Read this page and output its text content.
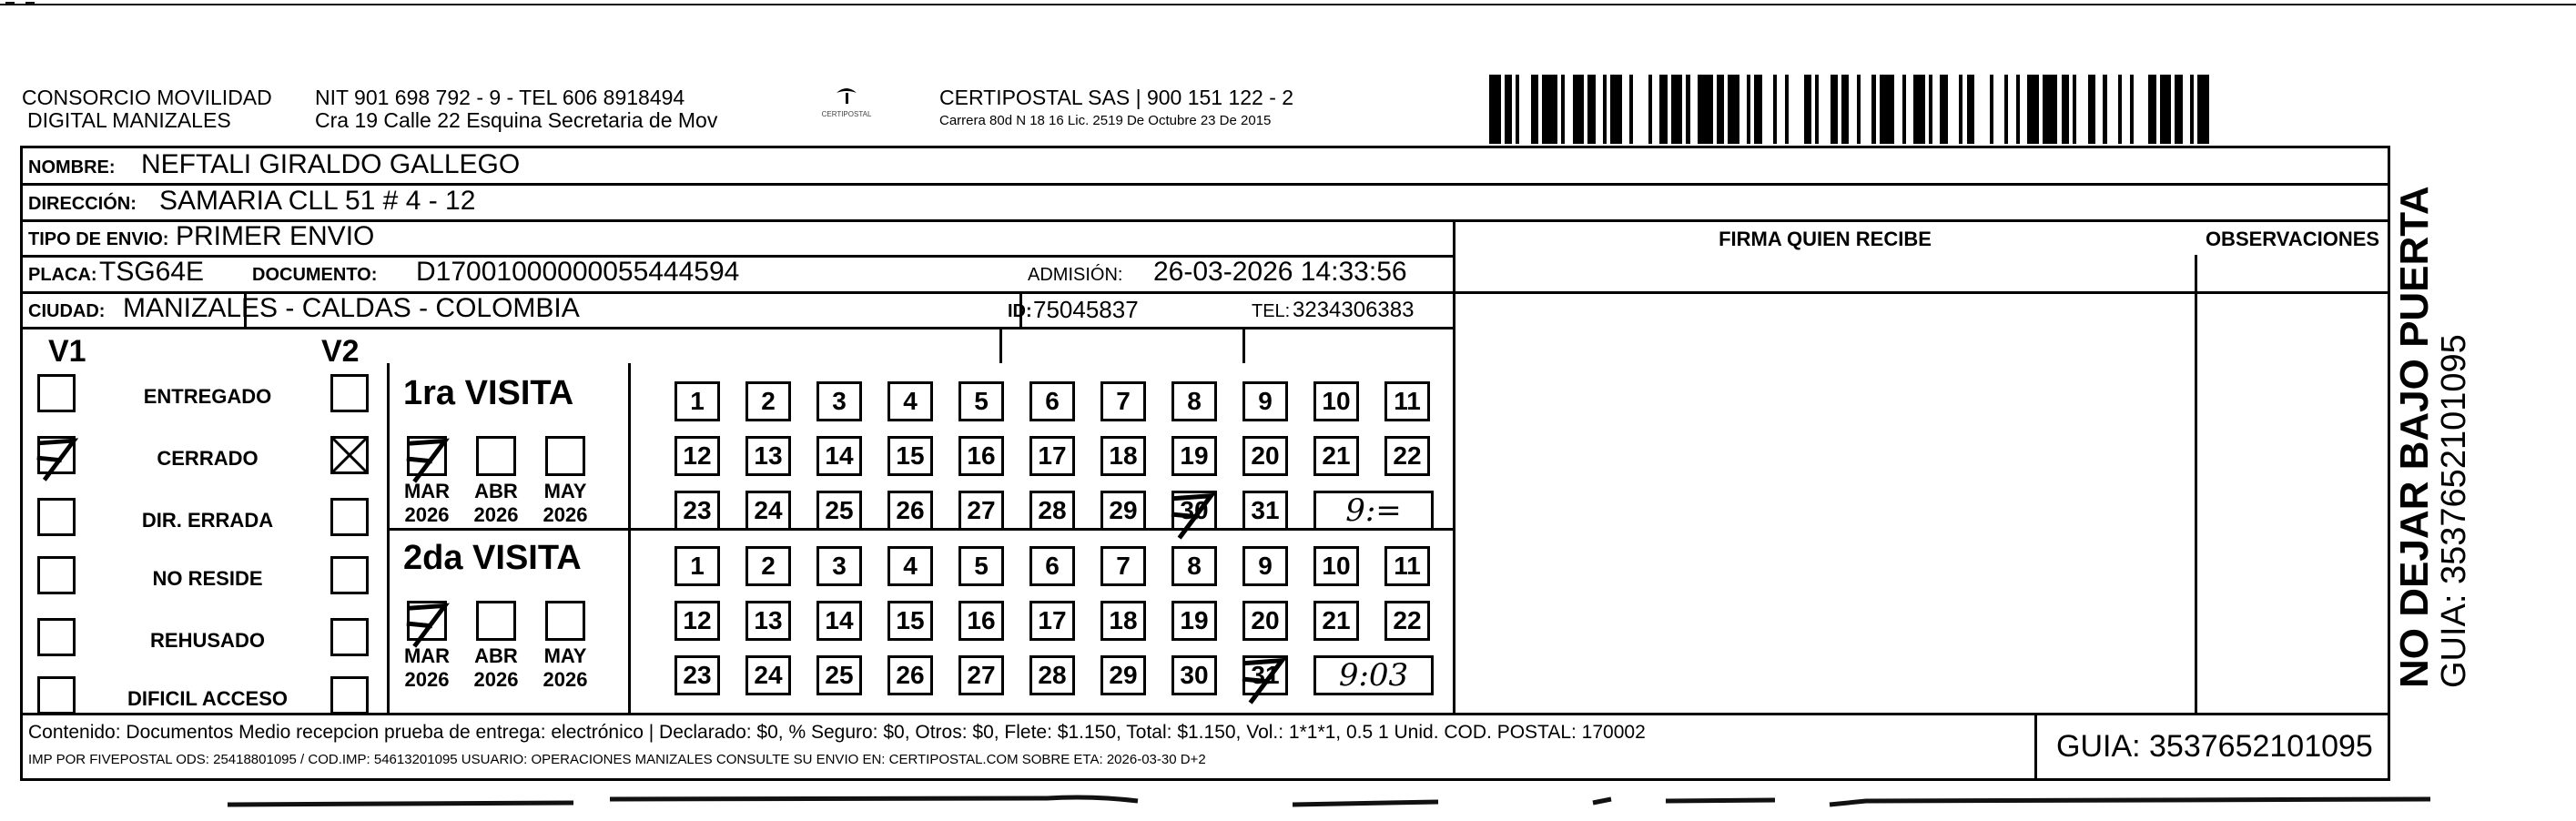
CONSORCIO MOVILIDAD
DIGITAL MANIZALES
NIT 901 698 792 - 9 - TEL 606 8918494
Cra 19 Calle 22 Esquina Secretaria de Mov	CERTIPOSTAL
CERTIPOSTAL SAS | 900 151 122 - 2
Carrera 80d N 18 16 Lic. 2519 De Octubre 23 De 2015
NOMBRE: NEFTALI GIRALDO GALLEGO
DIRECCIÓN: SAMARIA CLL 51 # 4 - 12
TIPO DE ENVIO: PRIMER ENVIO	FIRMA QUIEN RECIBE	OBSERVACIONES
PLACA: TSG64E	DOCUMENTO: D17001000000055444594	ADMISIÓN: 26-03-2026 14:33:56
CIUDAD: MANIZALES - CALDAS - COLOMBIA	ID: 75045837	TEL: 3234306383
V1	V2
ENTREGADO
CERRADO
DIR. ERRADA
NO RESIDE
REHUSADO
DIFICIL ACCESO
1ra VISITA
MAR
2026
ABR
2026
MAY
2026
1	2	3	4	5	6	7	8	9	10	11
12	13	14	15	16	17	18	19	20	21	22
23	24	25	26	27	28	29	30	31	9:=
2da VISITA
MAR
2026
ABR
2026
MAY
2026
1	2	3	4	5	6	7	8	9	10	11
12	13	14	15	16	17	18	19	20	21	22
23	24	25	26	27	28	29	30	31	9:03
Contenido: Documentos Medio recepcion prueba de entrega: electrónico | Declarado: $0, % Seguro: $0, Otros: $0, Flete: $1.150, Total: $1.150, Vol.: 1*1*1, 0.5 1 Unid. COD. POSTAL: 170002
IMP POR FIVEPOSTAL ODS: 25418801095 / COD.IMP: 54613201095 USUARIO: OPERACIONES MANIZALES CONSULTE SU ENVIO EN: CERTIPOSTAL.COM SOBRE ETA: 2026-03-30 D+2	GUIA: 3537652101095
NO DEJAR BAJO PUERTA
GUIA: 3537652101095
